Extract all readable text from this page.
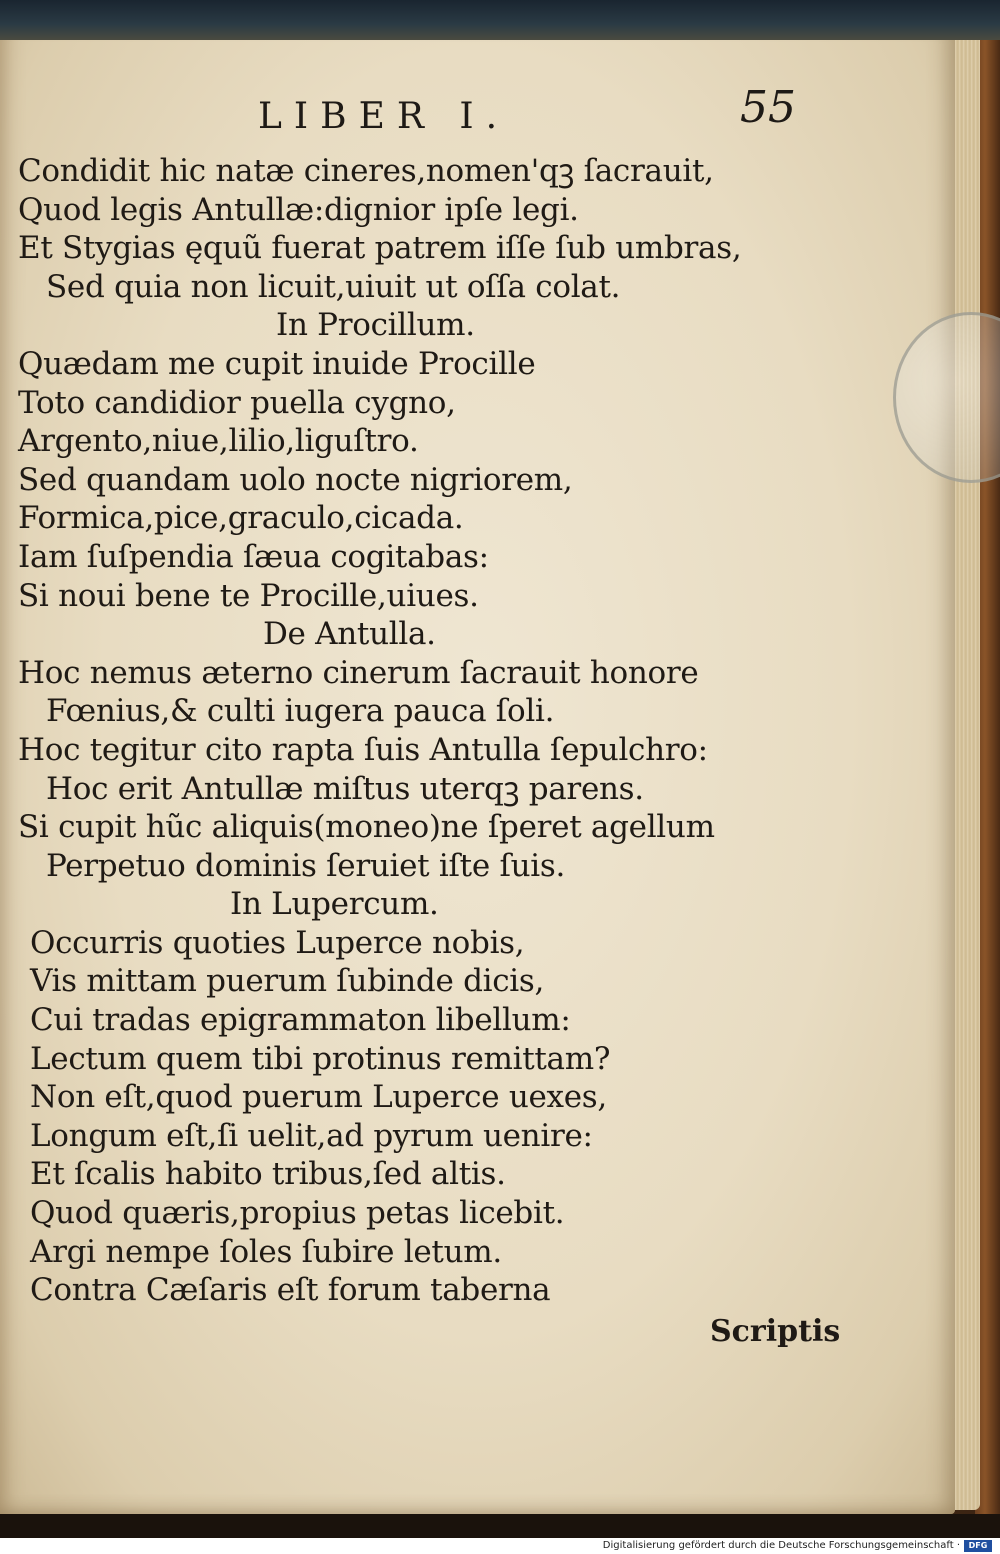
LIBER I.	55
Condidit hic natæ cineres,nomen'qꝫ ſacrauit,
Quod legis Antullæ:dignior ipſe legi.
Et Stygias ęquũ fuerat patrem iſſe ſub umbras,
Sed quia non licuit,uiuit ut oſſa colat.
In Procillum.
Quædam me cupit inuide Procille
Toto candidior puella cygno,
Argento,niue,lilio,liguſtro.
Sed quandam uolo nocte nigriorem,
Formica,pice,graculo,cicada.
Iam ſuſpendia ſæua cogitabas:
Si noui bene te Procille,uiues.
De Antulla.
Hoc nemus æterno cinerum ſacrauit honore
Fœnius,& culti iugera pauca ſoli.
Hoc tegitur cito rapta ſuis Antulla ſepulchro:
Hoc erit Antullæ miſtus uterqꝫ parens.
Si cupit hũc aliquis(moneo)ne ſperet agellum
Perpetuo dominis ſeruiet iſte ſuis.
In Lupercum.
Occurris quoties Luperce nobis,
Vis mittam puerum ſubinde dicis,
Cui tradas epigrammaton libellum:
Lectum quem tibi protinus remittam?
Non eſt,quod puerum Luperce uexes,
Longum eſt,ſi uelit,ad pyrum uenire:
Et ſcalis habito tribus,ſed altis.
Quod quæris,propius petas licebit.
Argi nempe ſoles ſubire letum.
Contra Cæſaris eſt forum taberna
Scriptis
Digitalisierung gefördert durch die Deutsche Forschungsgemeinschaft ·	DFG
